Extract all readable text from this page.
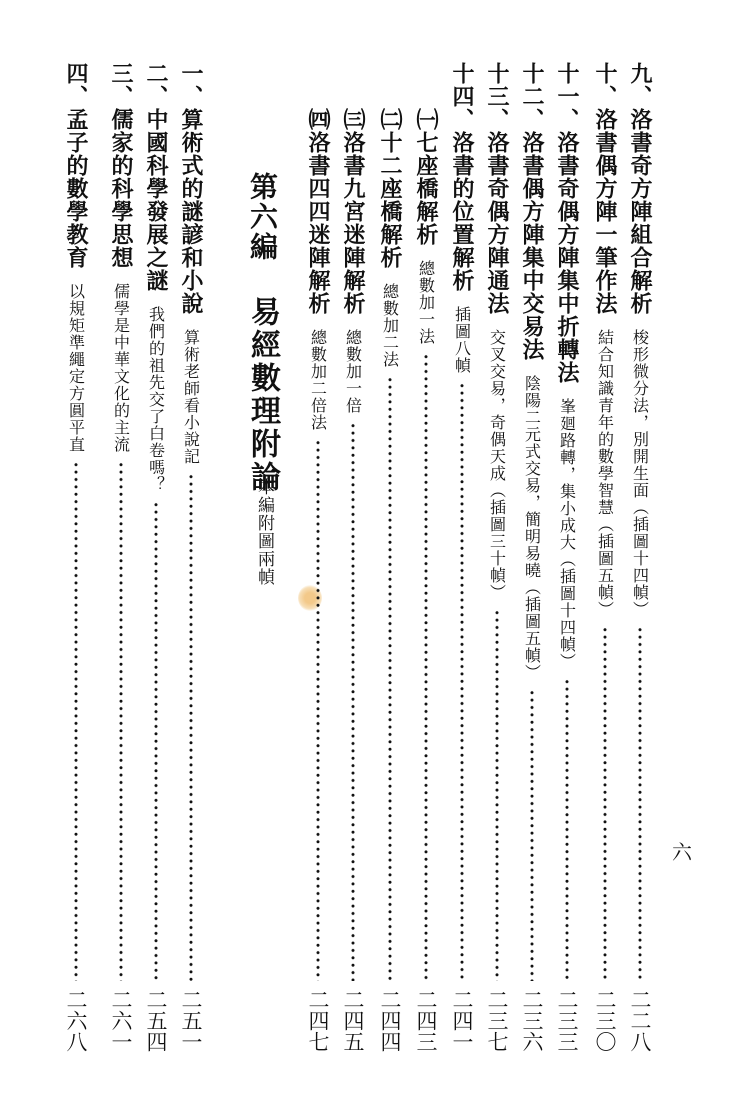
六
九、洛書奇方陣組合解析
梭形微分法，別開生面（插圖十四幀）
二二八
十、洛書偶方陣一筆作法
結合知識青年的數學智慧（插圖五幀）
二三〇
十一、洛書奇偶方陣集中折轉法
峯廻路轉，集小成大（插圖十四幀）
二三三
十二、洛書偶方陣集中交易法
陰陽二元式交易，簡明易曉（插圖五幀）
二三六
十三、洛書奇偶方陣通法
交叉交易，奇偶天成（插圖三十幀）
二三七
十四、洛書的位置解析
插圖八幀
二四一
㈠七座橋解析
總數加一法
二四三
㈡十二座橋解析
總數加二法
二四四
㈢洛書九宮迷陣解析
總數加一倍
二四五
㈣洛書四四迷陣解析
總數加二倍法
二四七
第六編易經數理附論
本編附圖兩幀
一、算術式的謎諺和小說
算術老師看小說記
二五一
二、中國科學發展之謎
我們的祖先交了白卷嗎？
二五四
三、儒家的科學思想
儒學是中華文化的主流
二六一
四、孟子的數學教育
以規矩準繩定方圓平直
二六八
